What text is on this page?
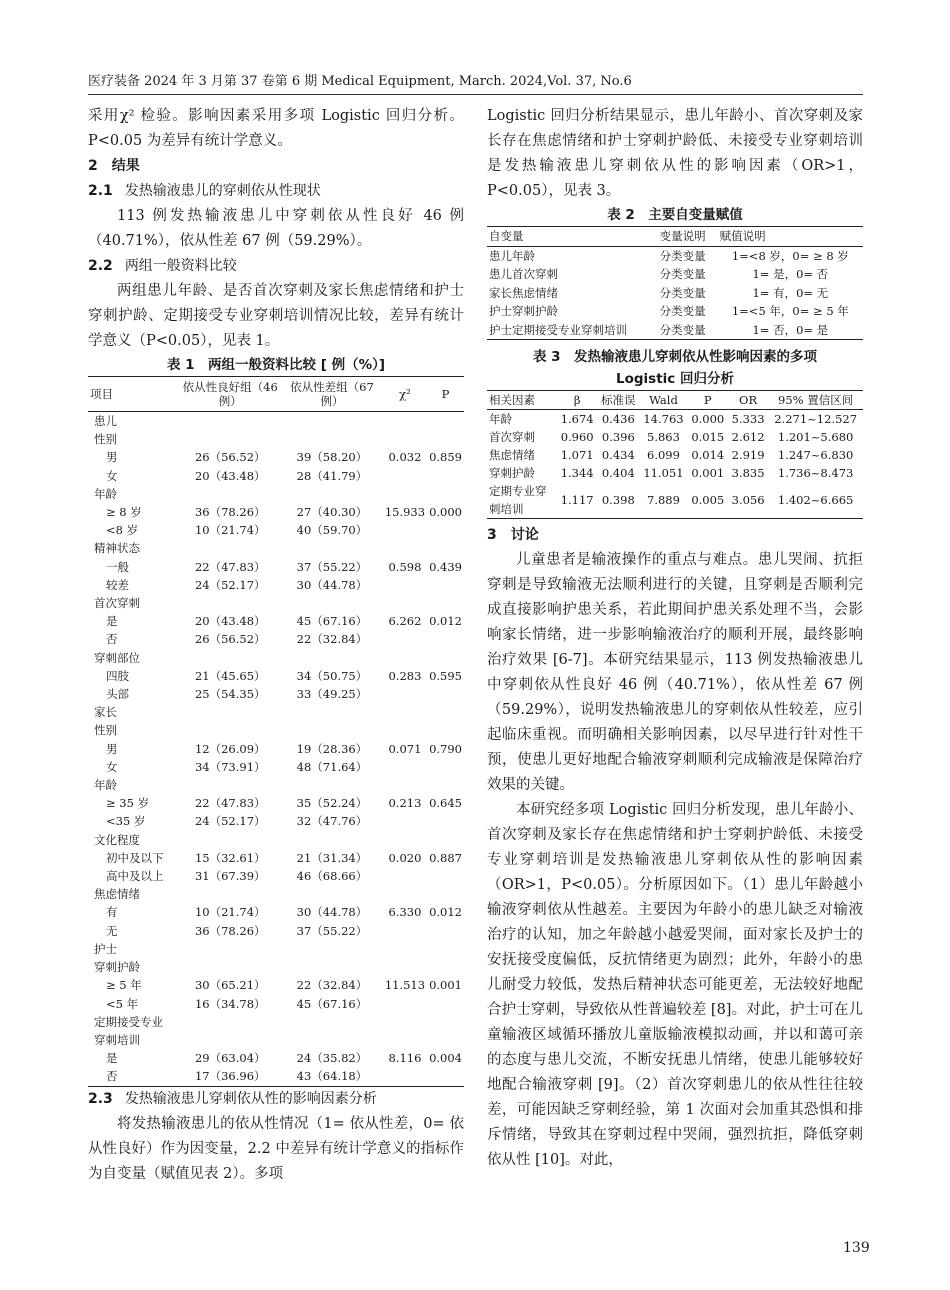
医疗装备 2024 年 3 月第 37 卷第 6 期 Medical Equipment, March. 2024,Vol. 37, No.6

采用χ² 检验。影响因素采用多项 Logistic 回归分析。P<0.05 为差异有统计学意义。

2　结果
2.1 发热输液患儿的穿刺依从性现状

113 例发热输液患儿中穿刺依从性良好 46 例（40.71%），依从性差 67 例（59.29%）。

2.2 两组一般资料比较

两组患儿年龄、是否首次穿刺及家长焦虑情绪和护士穿刺护龄、定期接受专业穿刺培训情况比较，差异有统计学意义（P<0.05），见表 1。

表 1　两组一般资料比较 [ 例（%）]
项目	依从性良好组（46 例）	依从性差组（67 例）	χ²	P
患儿				
性别				
男	26（56.52）	39（58.20）	0.032	0.859
女	20（43.48）	28（41.79）		
年龄				
≥ 8 岁	36（78.26）	27（40.30）	15.933	0.000
<8 岁	10（21.74）	40（59.70）		
精神状态				
一般	22（47.83）	37（55.22）	0.598	0.439
较差	24（52.17）	30（44.78）		
首次穿刺				
是	20（43.48）	45（67.16）	6.262	0.012
否	26（56.52）	22（32.84）		
穿刺部位				
四肢	21（45.65）	34（50.75）	0.283	0.595
头部	25（54.35）	33（49.25）		
家长				
性别				
男	12（26.09）	19（28.36）	0.071	0.790
女	34（73.91）	48（71.64）		
年龄				
≥ 35 岁	22（47.83）	35（52.24）	0.213	0.645
<35 岁	24（52.17）	32（47.76）		
文化程度				
初中及以下	15（32.61）	21（31.34）	0.020	0.887
高中及以上	31（67.39）	46（68.66）		
焦虑情绪				
有	10（21.74）	30（44.78）	6.330	0.012
无	36（78.26）	37（55.22）		
护士				
穿刺护龄				
≥ 5 年	30（65.21）	22（32.84）	11.513	0.001
<5 年	16（34.78）	45（67.16）		
定期接受专业				
穿刺培训				
是	29（63.04）	24（35.82）	8.116	0.004
否	17（36.96）	43（64.18）		
2.3 发热输液患儿穿刺依从性的影响因素分析

将发热输液患儿的依从性情况（1= 依从性差，0= 依从性良好）作为因变量，2.2 中差异有统计学意义的指标作为自变量（赋值见表 2）。多项

Logistic 回归分析结果显示，患儿年龄小、首次穿刺及家长存在焦虑情绪和护士穿刺护龄低、未接受专业穿刺培训是发热输液患儿穿刺依从性的影响因素（OR>1，P<0.05），见表 3。

表 2　主要自变量赋值
自变量	变量说明	赋值说明
患儿年龄	分类变量	1=<8 岁，0= ≥ 8 岁
患儿首次穿刺	分类变量	1= 是，0= 否
家长焦虑情绪	分类变量	1= 有，0= 无
护士穿刺护龄	分类变量	1=<5 年，0= ≥ 5 年
护士定期接受专业穿刺培训	分类变量	1= 否，0= 是
表 3　发热输液患儿穿刺依从性影响因素的多项
Logistic 回归分析
相关因素	β	标准误	Wald	P	OR	95% 置信区间
年龄	1.674	0.436	14.763	0.000	5.333	2.271~12.527
首次穿刺	0.960	0.396	5.863	0.015	2.612	1.201~5.680
焦虑情绪	1.071	0.434	6.099	0.014	2.919	1.247~6.830
穿刺护龄	1.344	0.404	11.051	0.001	3.835	1.736~8.473
定期专业穿刺培训	1.117	0.398	7.889	0.005	3.056	1.402~6.665
3　讨论

儿童患者是输液操作的重点与难点。患儿哭闹、抗拒穿刺是导致输液无法顺利进行的关键，且穿刺是否顺利完成直接影响护患关系，若此期间护患关系处理不当，会影响家长情绪，进一步影响输液治疗的顺利开展，最终影响治疗效果 [6-7]。本研究结果显示，113 例发热输液患儿中穿刺依从性良好 46 例（40.71%），依从性差 67 例（59.29%），说明发热输液患儿的穿刺依从性较差，应引起临床重视。而明确相关影响因素，以尽早进行针对性干预，使患儿更好地配合输液穿刺顺利完成输液是保障治疗效果的关键。

本研究经多项 Logistic 回归分析发现，患儿年龄小、首次穿刺及家长存在焦虑情绪和护士穿刺护龄低、未接受专业穿刺培训是发热输液患儿穿刺依从性的影响因素（OR>1，P<0.05）。分析原因如下。（1）患儿年龄越小输液穿刺依从性越差。主要因为年龄小的患儿缺乏对输液治疗的认知，加之年龄越小越爱哭闹，面对家长及护士的安抚接受度偏低，反抗情绪更为剧烈；此外，年龄小的患儿耐受力较低，发热后精神状态可能更差，无法较好地配合护士穿刺，导致依从性普遍较差 [8]。对此，护士可在儿童输液区域循环播放儿童版输液模拟动画，并以和蔼可亲的态度与患儿交流，不断安抚患儿情绪，使患儿能够较好地配合输液穿刺 [9]。（2）首次穿刺患儿的依从性往往较差，可能因缺乏穿刺经验，第 1 次面对会加重其恐惧和排斥情绪，导致其在穿刺过程中哭闹，强烈抗拒，降低穿刺依从性 [10]。对此，

139
